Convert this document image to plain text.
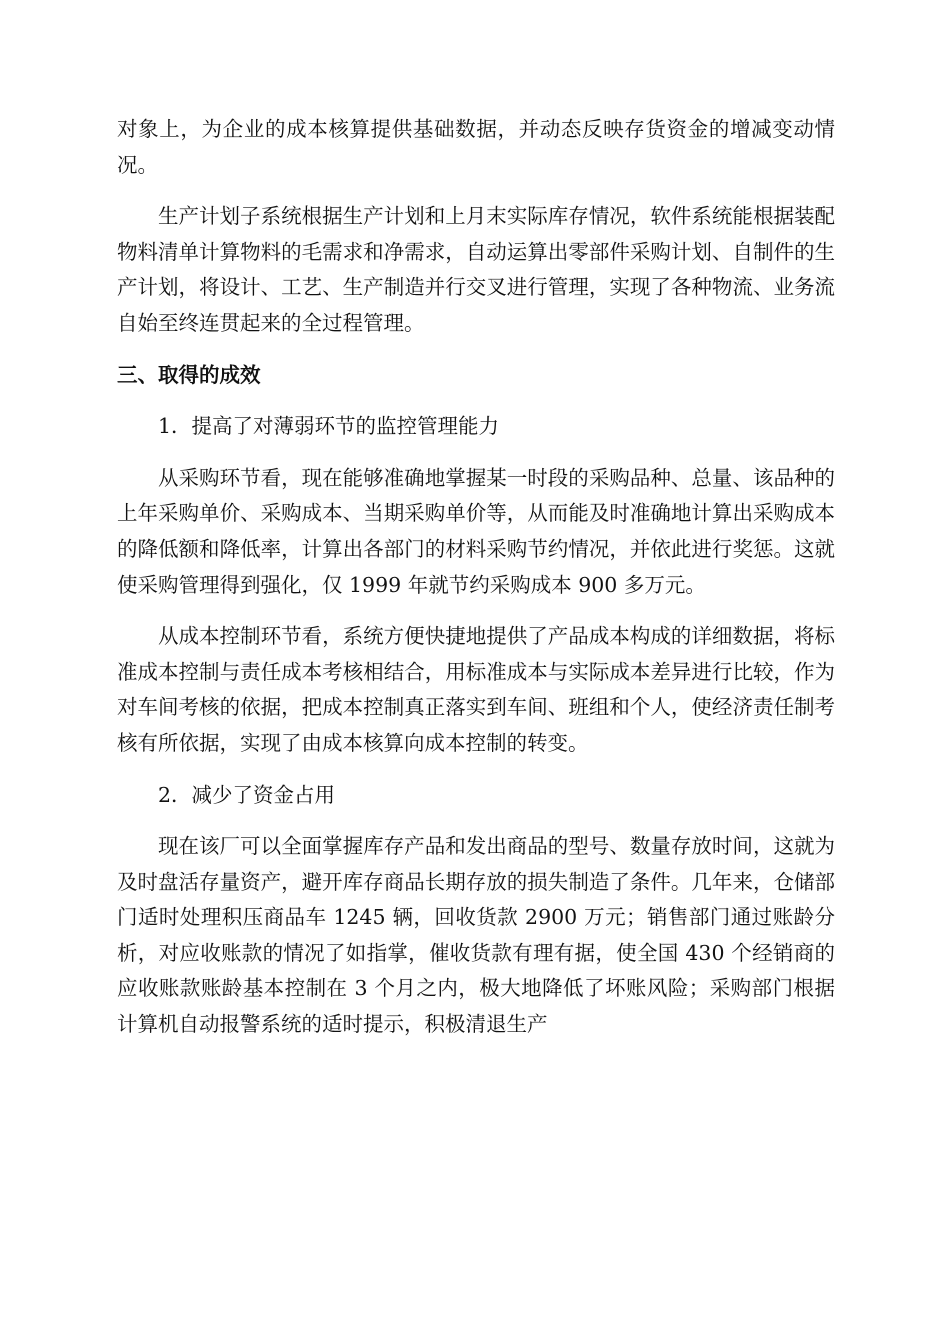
对象上，为企业的成本核算提供基础数据，并动态反映存货资金的增减变动情况。

生产计划子系统根据生产计划和上月末实际库存情况，软件系统能根据装配物料清单计算物料的毛需求和净需求，自动运算出零部件采购计划、自制件的生产计划，将设计、工艺、生产制造并行交叉进行管理，实现了各种物流、业务流自始至终连贯起来的全过程管理。

三、取得的成效

1．提高了对薄弱环节的监控管理能力

从采购环节看，现在能够准确地掌握某一时段的采购品种、总量、该品种的上年采购单价、采购成本、当期采购单价等，从而能及时准确地计算出采购成本的降低额和降低率，计算出各部门的材料采购节约情况，并依此进行奖惩。这就使采购管理得到强化，仅 1999 年就节约采购成本 900 多万元。

从成本控制环节看，系统方便快捷地提供了产品成本构成的详细数据，将标准成本控制与责任成本考核相结合，用标准成本与实际成本差异进行比较，作为对车间考核的依据，把成本控制真正落实到车间、班组和个人，使经济责任制考核有所依据，实现了由成本核算向成本控制的转变。

2．减少了资金占用

现在该厂可以全面掌握库存产品和发出商品的型号、数量存放时间，这就为及时盘活存量资产，避开库存商品长期存放的损失制造了条件。几年来，仓储部门适时处理积压商品车 1245 辆，回收货款 2900 万元；销售部门通过账龄分析，对应收账款的情况了如指掌，催收货款有理有据，使全国 430 个经销商的应收账款账龄基本控制在 3 个月之内，极大地降低了坏账风险；采购部门根据计算机自动报警系统的适时提示，积极清退生产
